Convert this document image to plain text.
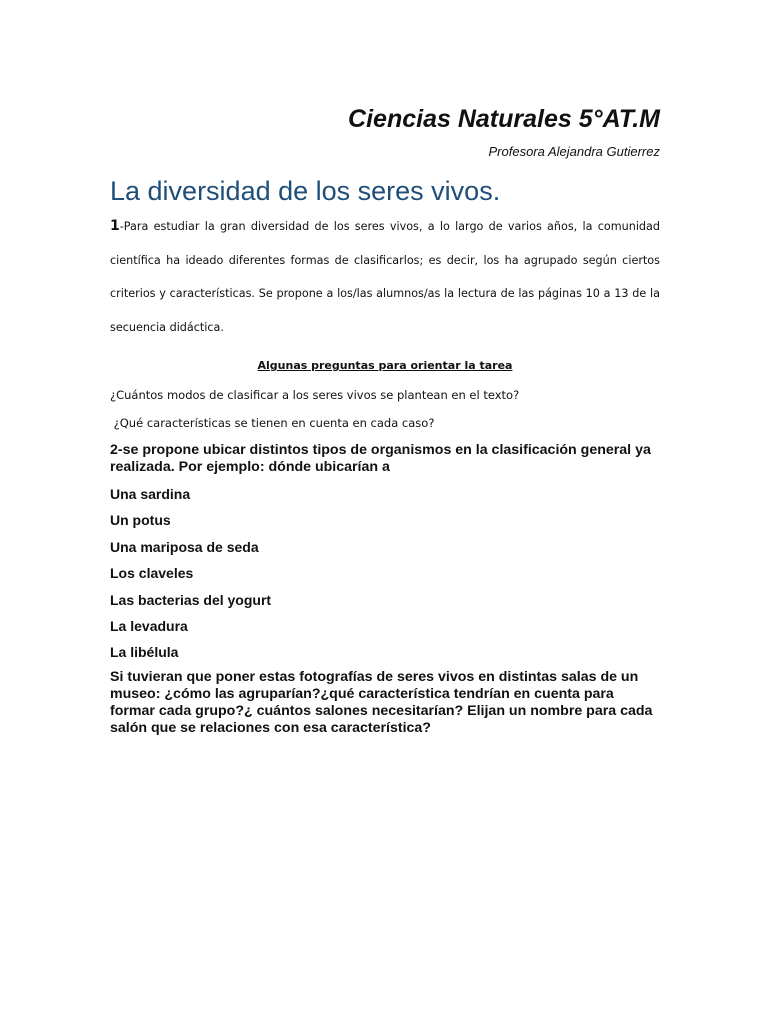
Ciencias Naturales 5°AT.M
Profesora Alejandra Gutierrez
La diversidad de los seres vivos.

1-Para estudiar la gran diversidad de los seres vivos, a lo largo de varios años, la comunidad científica ha ideado diferentes formas de clasificarlos; es decir, los ha agrupado según ciertos criterios y características. Se propone a los/las alumnos/as la lectura de las páginas 10 a 13 de la secuencia didáctica.

Algunas preguntas para orientar la tarea
¿Cuántos modos de clasificar a los seres vivos se plantean en el texto?
¿Qué características se tienen en cuenta en cada caso?

2-se propone ubicar distintos tipos de organismos en la clasificación general ya realizada. Por ejemplo: dónde ubicarían a

Una sardina
Un potus
Una mariposa de seda
Los claveles
Las bacterias del yogurt
La levadura
La libélula

Si tuvieran que poner estas fotografías de seres vivos en distintas salas de un museo: ¿cómo las agruparían?¿qué característica tendrían en cuenta para formar cada grupo?¿ cuántos salones necesitarían? Elijan un nombre para cada salón que se relaciones con esa característica?
